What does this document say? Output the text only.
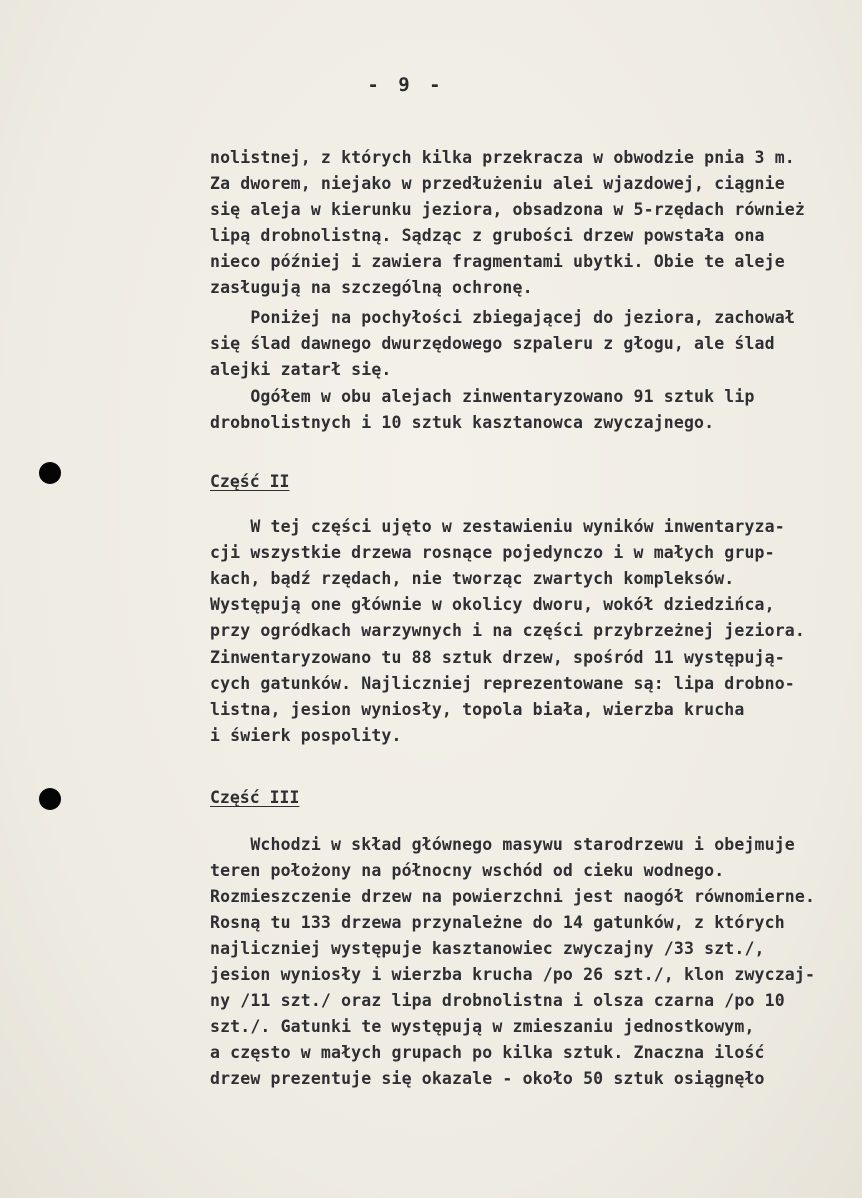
- 9 -
nolistnej, z których kilka przekracza w obwodzie pnia 3 m.
Za dworem, niejako w przedłużeniu alei wjazdowej, ciągnie
się aleja w kierunku jeziora, obsadzona w 5-rzędach również
lipą drobnolistną. Sądząc z grubości drzew powstała ona
nieco później i zawiera fragmentami ubytki. Obie te aleje
zasługują na szczególną ochronę.
Poniżej na pochyłości zbiegającej do jeziora, zachował
się ślad dawnego dwurzędowego szpaleru z głogu, ale ślad
alejki zatarł się.
Ogółem w obu alejach zinwentaryzowano 91 sztuk lip
drobnolistnych i 10 sztuk kasztanowca zwyczajnego.
Część II
W tej części ujęto w zestawieniu wyników inwentaryza-
cji wszystkie drzewa rosnące pojedynczo i w małych grup-
kach, bądź rzędach, nie tworząc zwartych kompleksów.
Występują one głównie w okolicy dworu, wokół dziedzińca,
przy ogródkach warzywnych i na części przybrzeżnej jeziora.
Zinwentaryzowano tu 88 sztuk drzew, spośród 11 występują-
cych gatunków. Najliczniej reprezentowane są: lipa drobno-
listna, jesion wyniosły, topola biała, wierzba krucha
i świerk pospolity.
Część III
Wchodzi w skład głównego masywu starodrzewu i obejmuje
teren położony na północny wschód od cieku wodnego.
Rozmieszczenie drzew na powierzchni jest naogół równomierne.
Rosną tu 133 drzewa przynależne do 14 gatunków, z których
najliczniej występuje kasztanowiec zwyczajny /33 szt./,
jesion wyniosły i wierzba krucha /po 26 szt./, klon zwyczaj-
ny /11 szt./ oraz lipa drobnolistna i olsza czarna /po 10
szt./. Gatunki te występują w zmieszaniu jednostkowym,
a często w małych grupach po kilka sztuk. Znaczna ilość
drzew prezentuje się okazale - około 50 sztuk osiągnęło
